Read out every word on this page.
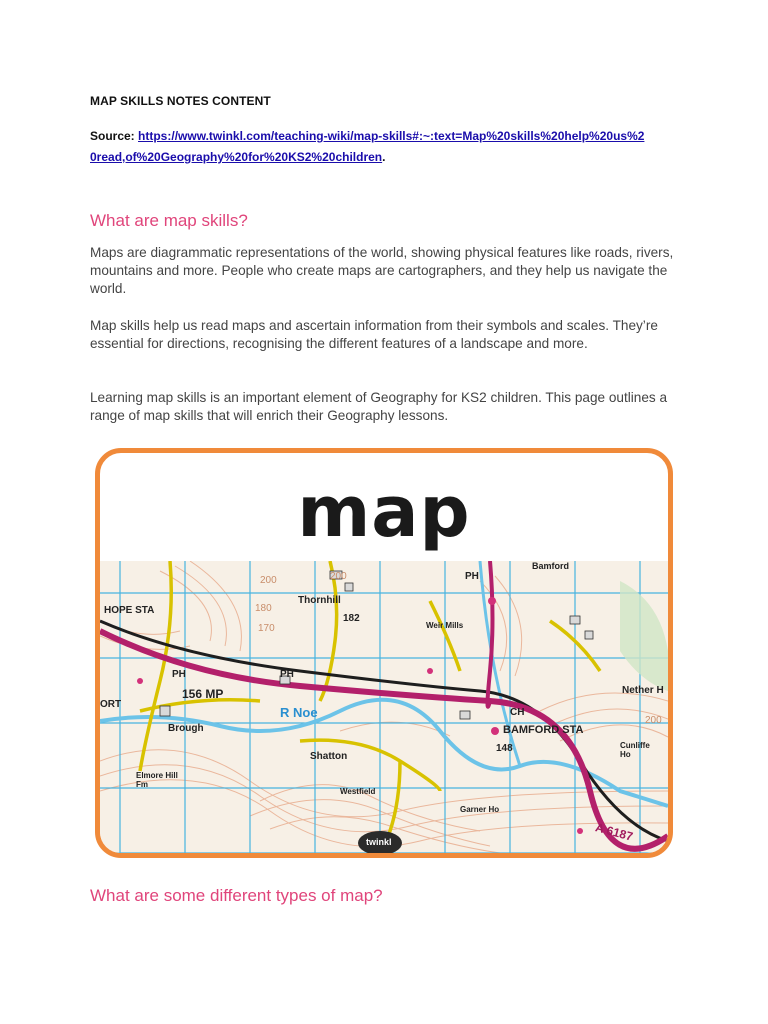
MAP SKILLS NOTES CONTENT
Source: https://www.twinkl.com/teaching-wiki/map-skills#:~:text=Map%20skills%20help%20us%20read,of%20Geography%20for%20KS2%20children.
What are map skills?
Maps are diagrammatic representations of the world, showing physical features like roads, rivers, mountains and more. People who create maps are cartographers, and they help us navigate the world.
Map skills help us read maps and ascertain information from their symbols and scales. They’re essential for directions, recognising the different features of a landscape and more.
Learning map skills is an important element of Geography for KS2 children. This page outlines a range of map skills that will enrich their Geography lessons.
map
HOPE STA
Thornhill
182
Weir Mills
PH
PH	PH
156 MP
Brough
R Noe	CH
BAMFORD STA
148
Shatton
Westfield
Elmore Hill Fm
Nether H
Cunliffe Ho
Garner Ho
A 6187
200
180
170
200
200
Bamford
ORT
twinkl
What are some different types of map?
